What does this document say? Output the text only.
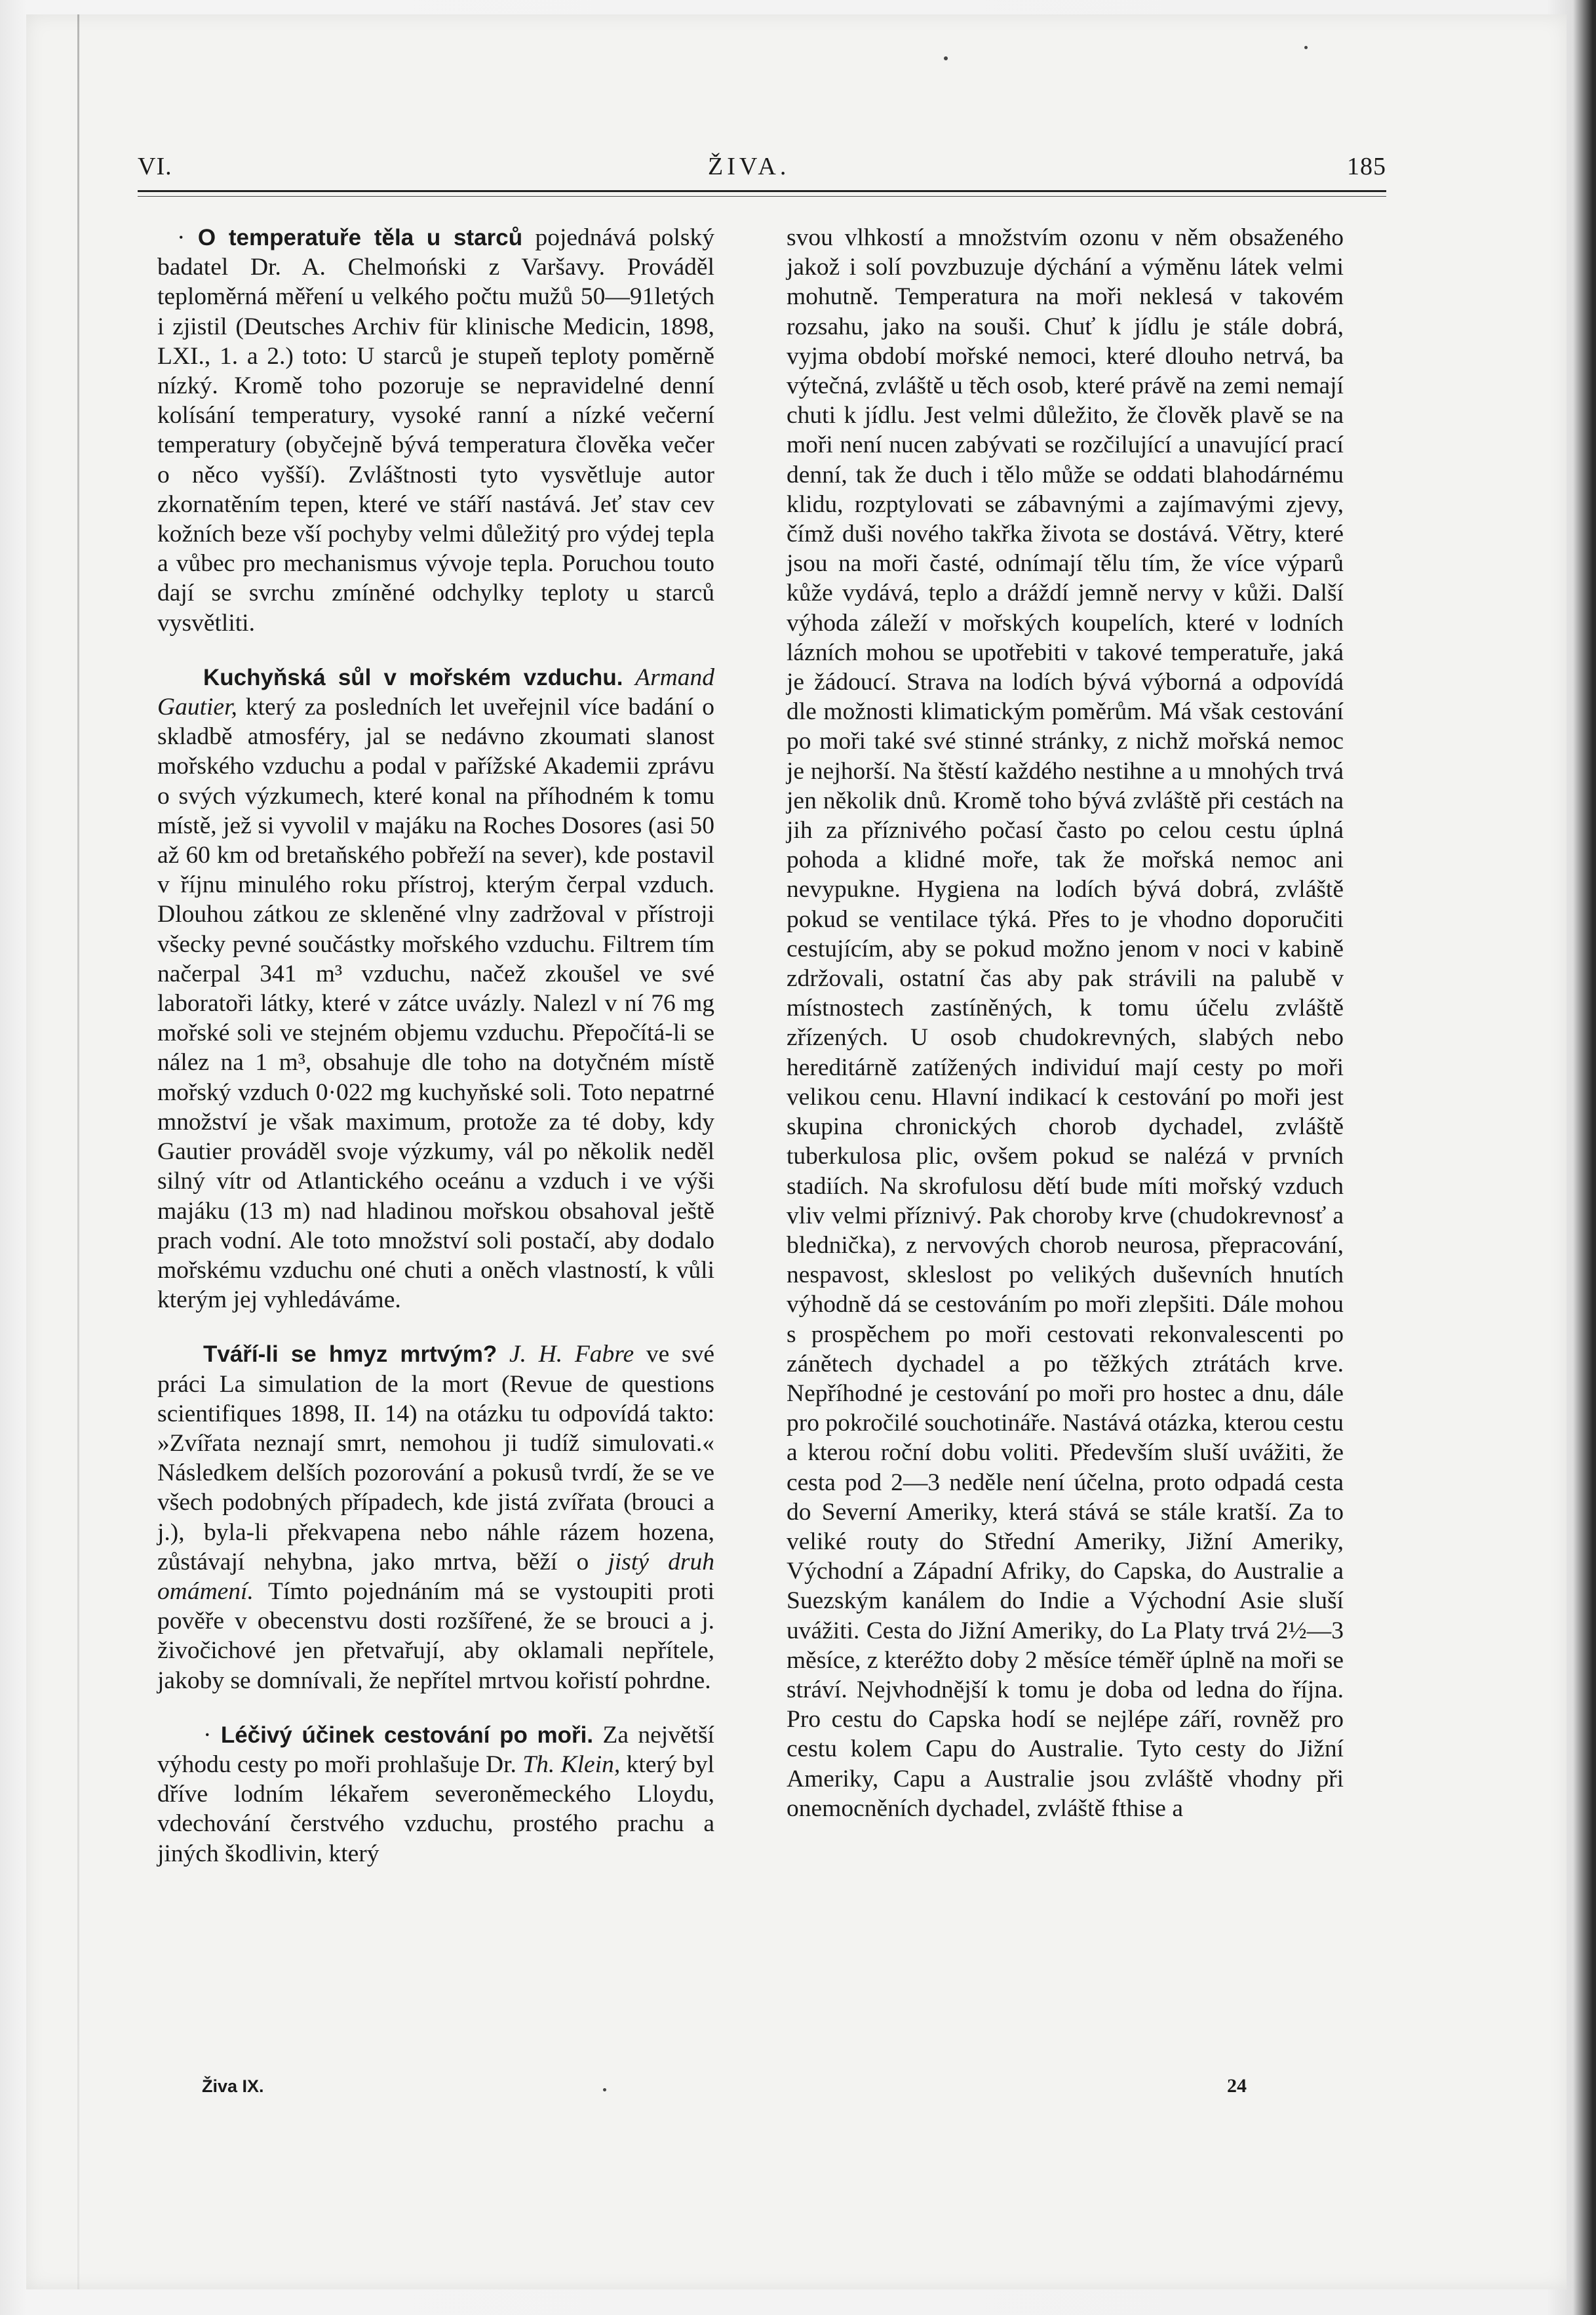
VI.	ŽIVA.	185

· O temperatuře těla u starců pojednává polský badatel Dr. A. Chelmoński z Varšavy. Prováděl teploměrná měření u velkého počtu mužů 50—91letých i zjistil (Deutsches Archiv für klinische Medicin, 1898, LXI., 1. a 2.) toto: U starců je stupeň teploty poměrně nízký. Kromě toho pozoruje se nepravidelné denní kolísání temperatury, vysoké ranní a nízké večerní temperatury (obyčejně bývá temperatura člověka večer o něco vyšší). Zvláštnosti tyto vysvětluje autor zkornatěním tepen, které ve stáří nastává. Jeť stav cev kožních beze vší pochyby velmi důležitý pro výdej tepla a vůbec pro mechanismus vývoje tepla. Poruchou touto dají se svrchu zmíněné odchylky teploty u starců vysvětliti.

Kuchyňská sůl v mořském vzduchu. Armand Gautier, který za posledních let uveřejnil více badání o skladbě atmosféry, jal se nedávno zkoumati slanost mořského vzduchu a podal v pařížské Akademii zprávu o svých výzkumech, které konal na příhodném k tomu místě, jež si vyvolil v majáku na Roches Dosores (asi 50 až 60 km od bretaňského pobřeží na sever), kde postavil v říjnu minulého roku přístroj, kterým čerpal vzduch. Dlouhou zátkou ze skleněné vlny zadržoval v přístroji všecky pevné součástky mořského vzduchu. Filtrem tím načerpal 341 m³ vzduchu, načež zkoušel ve své laboratoři látky, které v zátce uvázly. Nalezl v ní 76 mg mořské soli ve stejném objemu vzduchu. Přepočítá-li se nález na 1 m³, obsahuje dle toho na dotyčném místě mořský vzduch 0·022 mg kuchyňské soli. Toto nepatrné množství je však maximum, protože za té doby, kdy Gautier prováděl svoje výzkumy, vál po několik neděl silný vítr od Atlantického oceánu a vzduch i ve výši majáku (13 m) nad hladinou mořskou obsahoval ještě prach vodní. Ale toto množství soli postačí, aby dodalo mořskému vzduchu oné chuti a oněch vlastností, k vůli kterým jej vyhledáváme.

Tváří-li se hmyz mrtvým? J. H. Fabre ve své práci La simulation de la mort (Revue de questions scientifiques 1898, II. 14) na otázku tu odpovídá takto: »Zvířata neznají smrt, nemohou ji tudíž simulovati.« Následkem delších pozorování a pokusů tvrdí, že se ve všech podobných případech, kde jistá zvířata (brouci a j.), byla-li překvapena nebo náhle rázem hozena, zůstávají nehybna, jako mrtva, běží o jistý druh omámení. Tímto pojednáním má se vystoupiti proti pověře v obecenstvu dosti rozšířené, že se brouci a j. živočichové jen přetvařují, aby oklamali nepřítele, jakoby se domnívali, že nepřítel mrtvou kořistí pohrdne.

· Léčivý účinek cestování po moři. Za největší výhodu cesty po moři prohlašuje Dr. Th. Klein, který byl dříve lodním lékařem severoněmeckého Lloydu, vdechování čerstvého vzduchu, prostého prachu a jiných škodlivin, který

svou vlhkostí a množstvím ozonu v něm obsaženého jakož i solí povzbuzuje dýchání a výměnu látek velmi mohutně. Temperatura na moři neklesá v takovém rozsahu, jako na souši. Chuť k jídlu je stále dobrá, vyjma období mořské nemoci, které dlouho netrvá, ba výtečná, zvláště u těch osob, které právě na zemi nemají chuti k jídlu. Jest velmi důležito, že člověk plavě se na moři není nucen zabývati se rozčilující a unavující prací denní, tak že duch i tělo může se oddati blahodárnému klidu, rozptylovati se zábavnými a zajímavými zjevy, čímž duši nového takřka života se dostává. Větry, které jsou na moři časté, odnímají tělu tím, že více výparů kůže vydává, teplo a dráždí jemně nervy v kůži. Další výhoda záleží v mořských koupelích, které v lodních lázních mohou se upotřebiti v takové temperatuře, jaká je žádoucí. Strava na lodích bývá výborná a odpovídá dle možnosti klimatickým poměrům. Má však cestování po moři také své stinné stránky, z nichž mořská nemoc je nejhorší. Na štěstí každého nestihne a u mnohých trvá jen několik dnů. Kromě toho bývá zvláště při cestách na jih za příznivého počasí často po celou cestu úplná pohoda a klidné moře, tak že mořská nemoc ani nevypukne. Hygiena na lodích bývá dobrá, zvláště pokud se ventilace týká. Přes to je vhodno doporučiti cestujícím, aby se pokud možno jenom v noci v kabině zdržovali, ostatní čas aby pak strávili na palubě v místnostech zastíněných, k tomu účelu zvláště zřízených. U osob chudokrevných, slabých nebo hereditárně zatížených individuí mají cesty po moři velikou cenu. Hlavní indikací k cestování po moři jest skupina chronických chorob dychadel, zvláště tuberkulosa plic, ovšem pokud se nalézá v prvních stadiích. Na skrofulosu dětí bude míti mořský vzduch vliv velmi příznivý. Pak choroby krve (chudokrevnosť a blednička), z nervových chorob neurosa, přepracování, nespavost, skleslost po velikých duševních hnutích výhodně dá se cestováním po moři zlepšiti. Dále mohou s prospěchem po moři cestovati rekonvalescenti po zánětech dychadel a po těžkých ztrátách krve. Nepříhodné je cestování po moři pro hostec a dnu, dále pro pokročilé souchotináře. Nastává otázka, kterou cestu a kterou roční dobu voliti. Především sluší uvážiti, že cesta pod 2—3 neděle není účelna, proto odpadá cesta do Severní Ameriky, která stává se stále kratší. Za to veliké routy do Střední Ameriky, Jižní Ameriky, Východní a Západní Afriky, do Capska, do Australie a Suezským kanálem do Indie a Východní Asie sluší uvážiti. Cesta do Jižní Ameriky, do La Platy trvá 2½—3 měsíce, z kteréžto doby 2 měsíce téměř úplně na moři se stráví. Nejvhodnější k tomu je doba od ledna do října. Pro cestu do Capska hodí se nejlépe září, rovněž pro cestu kolem Capu do Australie. Tyto cesty do Jižní Ameriky, Capu a Australie jsou zvláště vhodny při onemocněních dychadel, zvláště fthise a

Živa IX.	24
